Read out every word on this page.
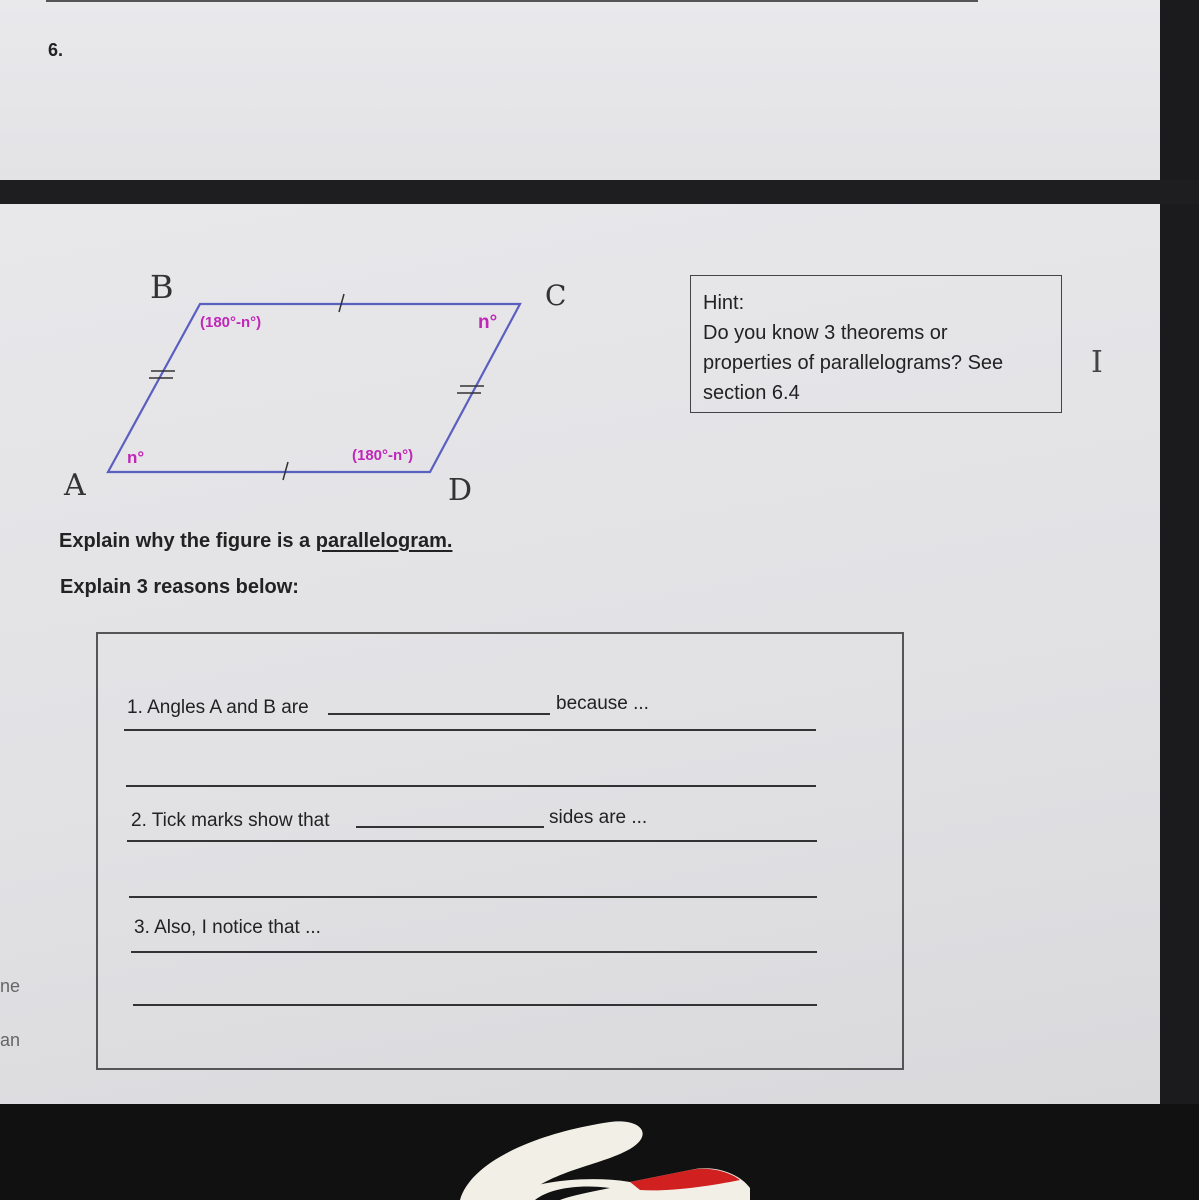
6.
B	C
A	D
(180°-n°)	n°
n°	(180°-n°)
Hint:
Do you know 3 theorems or
properties of parallelograms? See
section 6.4
I
Explain why the figure is a parallelogram.
Explain 3 reasons below:
1. Angles A and B are	because ...
2. Tick marks show that	sides are ...
3. Also, I notice that ...
ne
an
